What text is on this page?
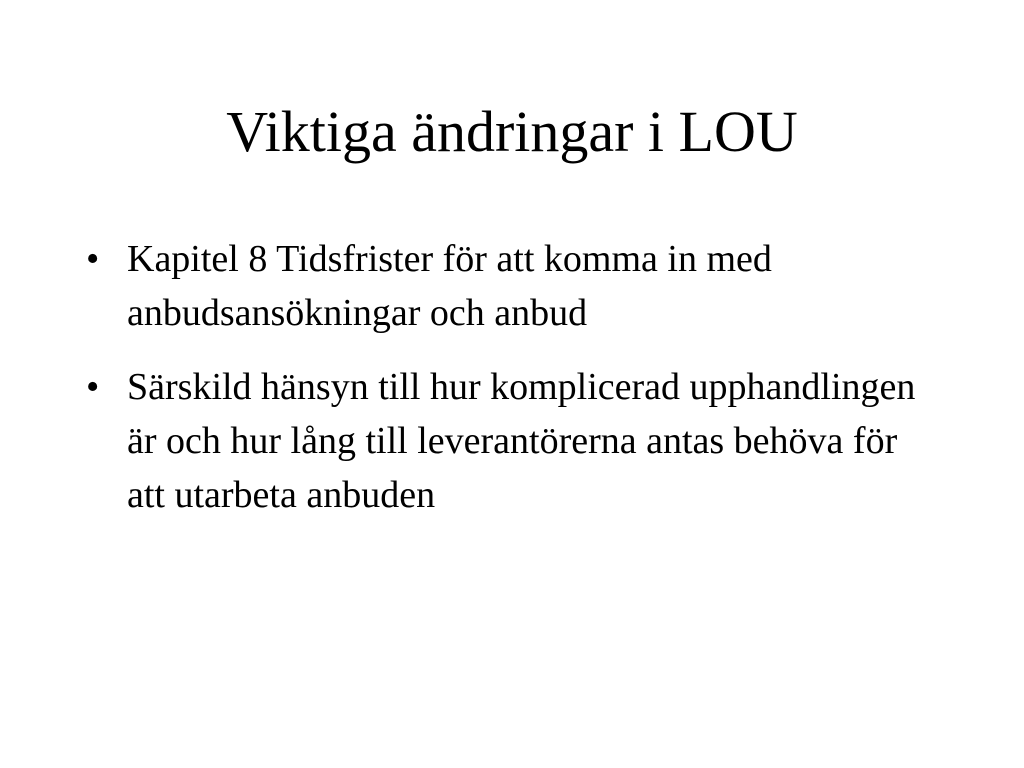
Viktiga ändringar i LOU
• Kapitel 8 Tidsfrister för att komma in med anbudsansökningar och anbud
• Särskild hänsyn till hur komplicerad upphandlingen är och hur lång till leverantörerna antas behöva för att utarbeta anbuden
